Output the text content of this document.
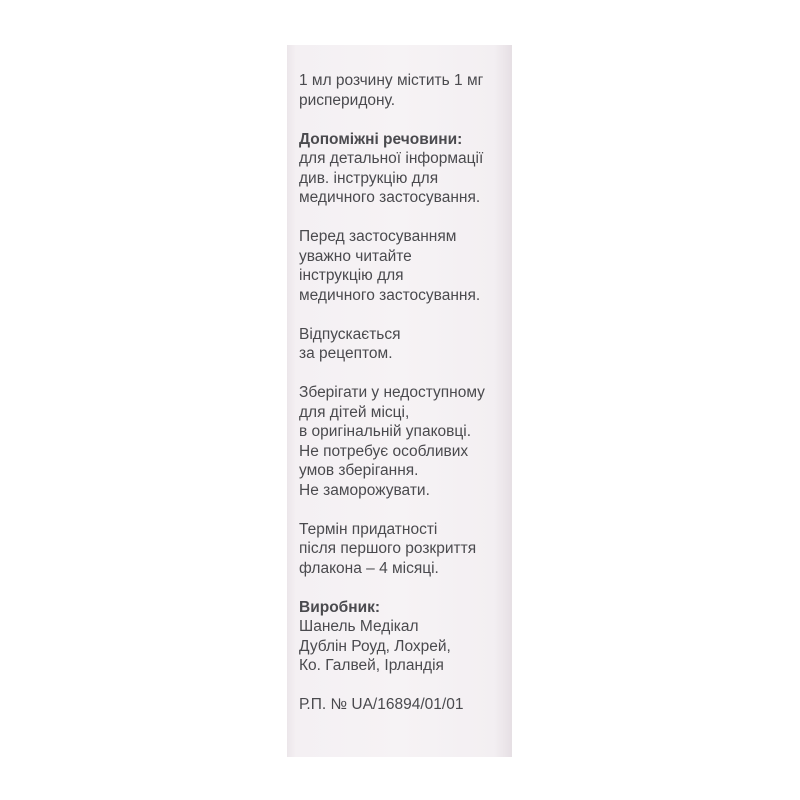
1 мл розчину містить 1 мг
рисперидону.

Допоміжні речовини:
для детальної інформації
див. інструкцію для
медичного застосування.

Перед застосуванням
уважно читайте
інструкцію для
медичного застосування.

Відпускається
за рецептом.

Зберігати у недоступному
для дітей місці,
в оригінальній упаковці.
Не потребує особливих
умов зберігання.
Не заморожувати.

Термін придатності
після першого розкриття
флакона – 4 місяці.

Виробник:
Шанель Медікал
Дублін Роуд, Лохрей,
Ко. Галвей, Ірландія

Р.П. № UA/16894/01/01
